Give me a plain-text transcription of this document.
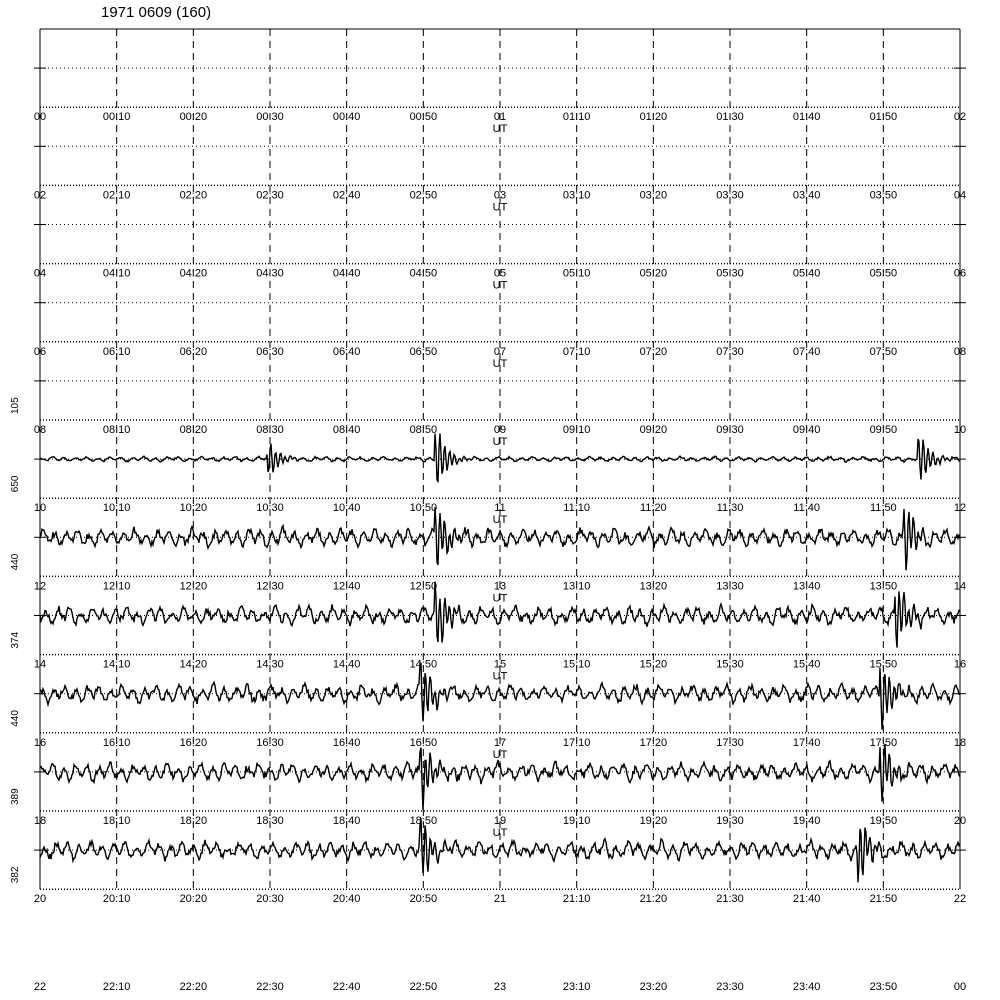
1971 0609 (160)
105
650
440
374
440
389
382
00	00:10	00:20	00:30	00:40	00:50	01	01:10	01:20	01:30	01:40	01:50	02
UT
02	02:10	02:20	02:30	02:40	02:50	03	03:10	03:20	03:30	03:40	03:50	04
UT
04	04:10	04:20	04:30	04:40	04:50	05	05:10	05:20	05:30	05:40	05:50	06
UT
06	06:10	06:20	06:30	06:40	06:50	07	07:10	07:20	07:30	07:40	07:50	08
UT
08	08:10	08:20	08:30	08:40	08:50	09	09:10	09:20	09:30	09:40	09:50	10
UT
10	10:10	10:20	10:30	10:40	10:50	11	11:10	11:20	11:30	11:40	11:50	12
UT
12	12:10	12:20	12:30	12:40	12:50	13	13:10	13:20	13:30	13:40	13:50	14
UT
14	14:10	14:20	14:30	14:40	14:50	15	15:10	15:20	15:30	15:40	15:50	16
UT
16	16:10	16:20	16:30	16:40	16:50	17	17:10	17:20	17:30	17:40	17:50	18
UT
18	18:10	18:20	18:30	18:40	18:50	19	19:10	19:20	19:30	19:40	19:50	20
UT
20	20:10	20:20	20:30	20:40	20:50	21	21:10	21:20	21:30	21:40	21:50	22
22	22:10	22:20	22:30	22:40	22:50	23	23:10	23:20	23:30	23:40	23:50	00
